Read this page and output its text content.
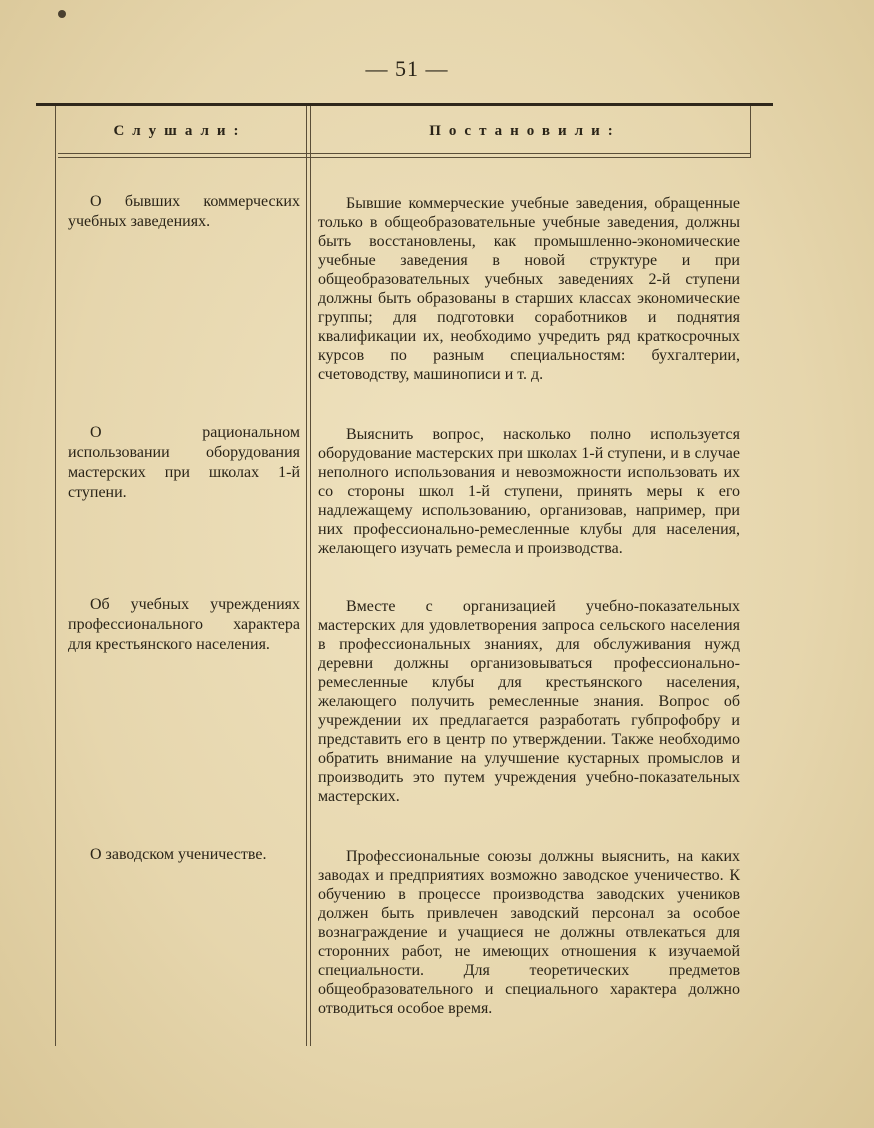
— 51 —
Слушали:	Постановили:
О бывших коммерческих учебных заведениях.
Бывшие коммерческие учебные заведения, обращенные только в общеобразовательные учебные заведения, должны быть восстановлены, как промышленно-экономические учебные заведения в новой структуре и при общеобразовательных учебных заведениях 2-й ступени должны быть образованы в старших классах экономические группы; для подготовки соработников и поднятия квалификации их, необходимо учредить ряд краткосрочных курсов по разным специальностям: бухгалтерии, счетоводству, машинописи и т. д.
О рациональном использовании оборудования мастерских при школах 1-й ступени.
Выяснить вопрос, насколько полно используется оборудование мастерских при школах 1-й ступени, и в случае неполного использования и невозможности использовать их со стороны школ 1-й ступени, принять меры к его надлежащему использованию, организовав, например, при них профессионально-ремесленные клубы для населения, желающего изучать ремесла и производства.
Об учебных учреждениях профессионального характера для крестьянского населения.
Вместе с организацией учебно-показательных мастерских для удовлетворения запроса сельского населения в профессиональных знаниях, для обслуживания нужд деревни должны организовываться профессионально-ремесленные клубы для крестьянского населения, желающего получить ремесленные знания. Вопрос об учреждении их предлагается разработать губпрофобру и представить его в центр по утверждении. Также необходимо обратить внимание на улучшение кустарных промыслов и производить это путем учреждения учебно-показательных мастерских.
О заводском ученичестве.	Профессиональные союзы должны выяснить, на каких заводах и предприятиях возможно заводское ученичество. К обучению в процессе производства заводских учеников должен быть привлечен заводский персонал за особое вознаграждение и учащиеся не должны отвлекаться для сторонних работ, не имеющих отношения к изучаемой специальности. Для теоретических предметов общеобразовательного и специального характера должно отводиться особое время.
